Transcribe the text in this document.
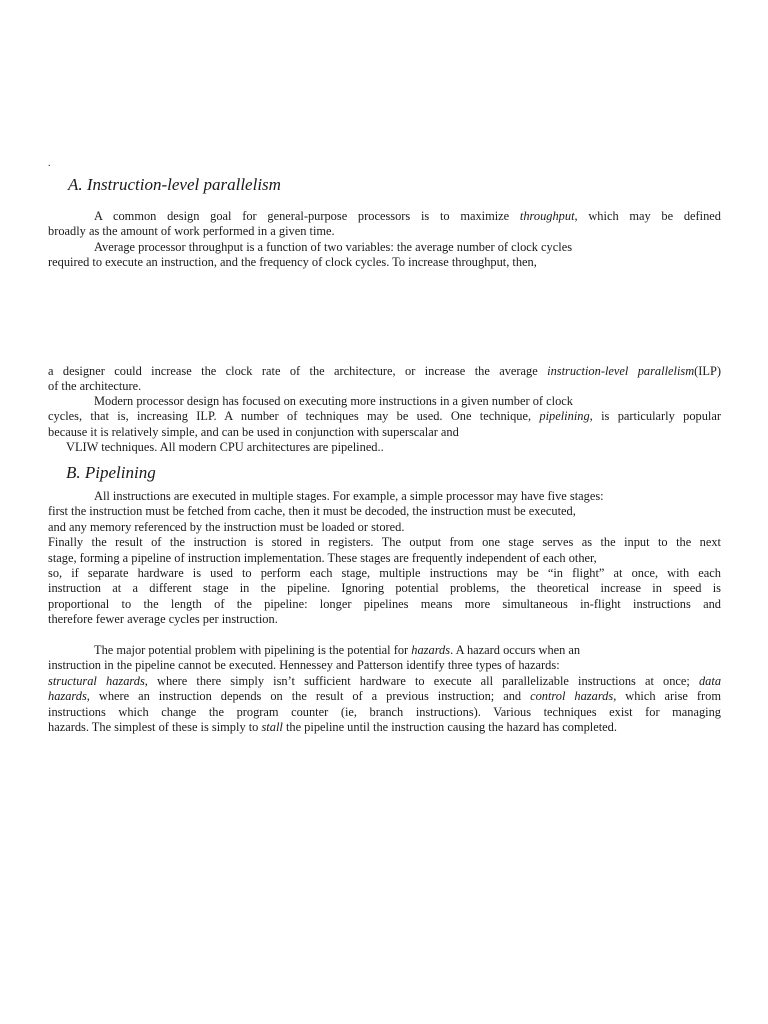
.
A. Instruction-level parallelism
A common design goal for general-purpose processors is to maximize throughput, which may be defined
broadly as the amount of work performed in a given time.
Average processor throughput is a function of two variables: the average number of clock cycles
required to execute an instruction, and the frequency of clock cycles. To increase throughput, then,
a designer could increase the clock rate of the architecture, or increase the average instruction-level parallelism(ILP)
of the architecture.
Modern processor design has focused on executing more instructions in a given number of clock
cycles, that is, increasing ILP. A number of techniques may be used. One technique, pipelining, is particularly popular
because it is relatively simple, and can be used in conjunction with superscalar and
VLIW techniques. All modern CPU architectures are pipelined..
B. Pipelining
All instructions are executed in multiple stages. For example, a simple processor may have five stages:
first the instruction must be fetched from cache, then it must be decoded, the instruction must be executed,
and any memory referenced by the instruction must be loaded or stored.
Finally the result of the instruction is stored in registers. The output from one stage serves as the input to the next
stage, forming a pipeline of instruction implementation. These stages are frequently independent of each other,
so, if separate hardware is used to perform each stage, multiple instructions may be “in flight” at once, with each
instruction at a different stage in the pipeline. Ignoring potential problems, the theoretical increase in speed is
proportional to the length of the pipeline: longer pipelines means more simultaneous in-flight instructions and
therefore fewer average cycles per instruction.
The major potential problem with pipelining is the potential for hazards. A hazard occurs when an
instruction in the pipeline cannot be executed. Hennessey and Patterson identify three types of hazards:
structural hazards, where there simply isn’t sufficient hardware to execute all parallelizable instructions at once; data
hazards, where an instruction depends on the result of a previous instruction; and control hazards, which arise from
instructions which change the program counter (ie, branch instructions). Various techniques exist for managing
hazards. The simplest of these is simply to stall the pipeline until the instruction causing the hazard has completed.
